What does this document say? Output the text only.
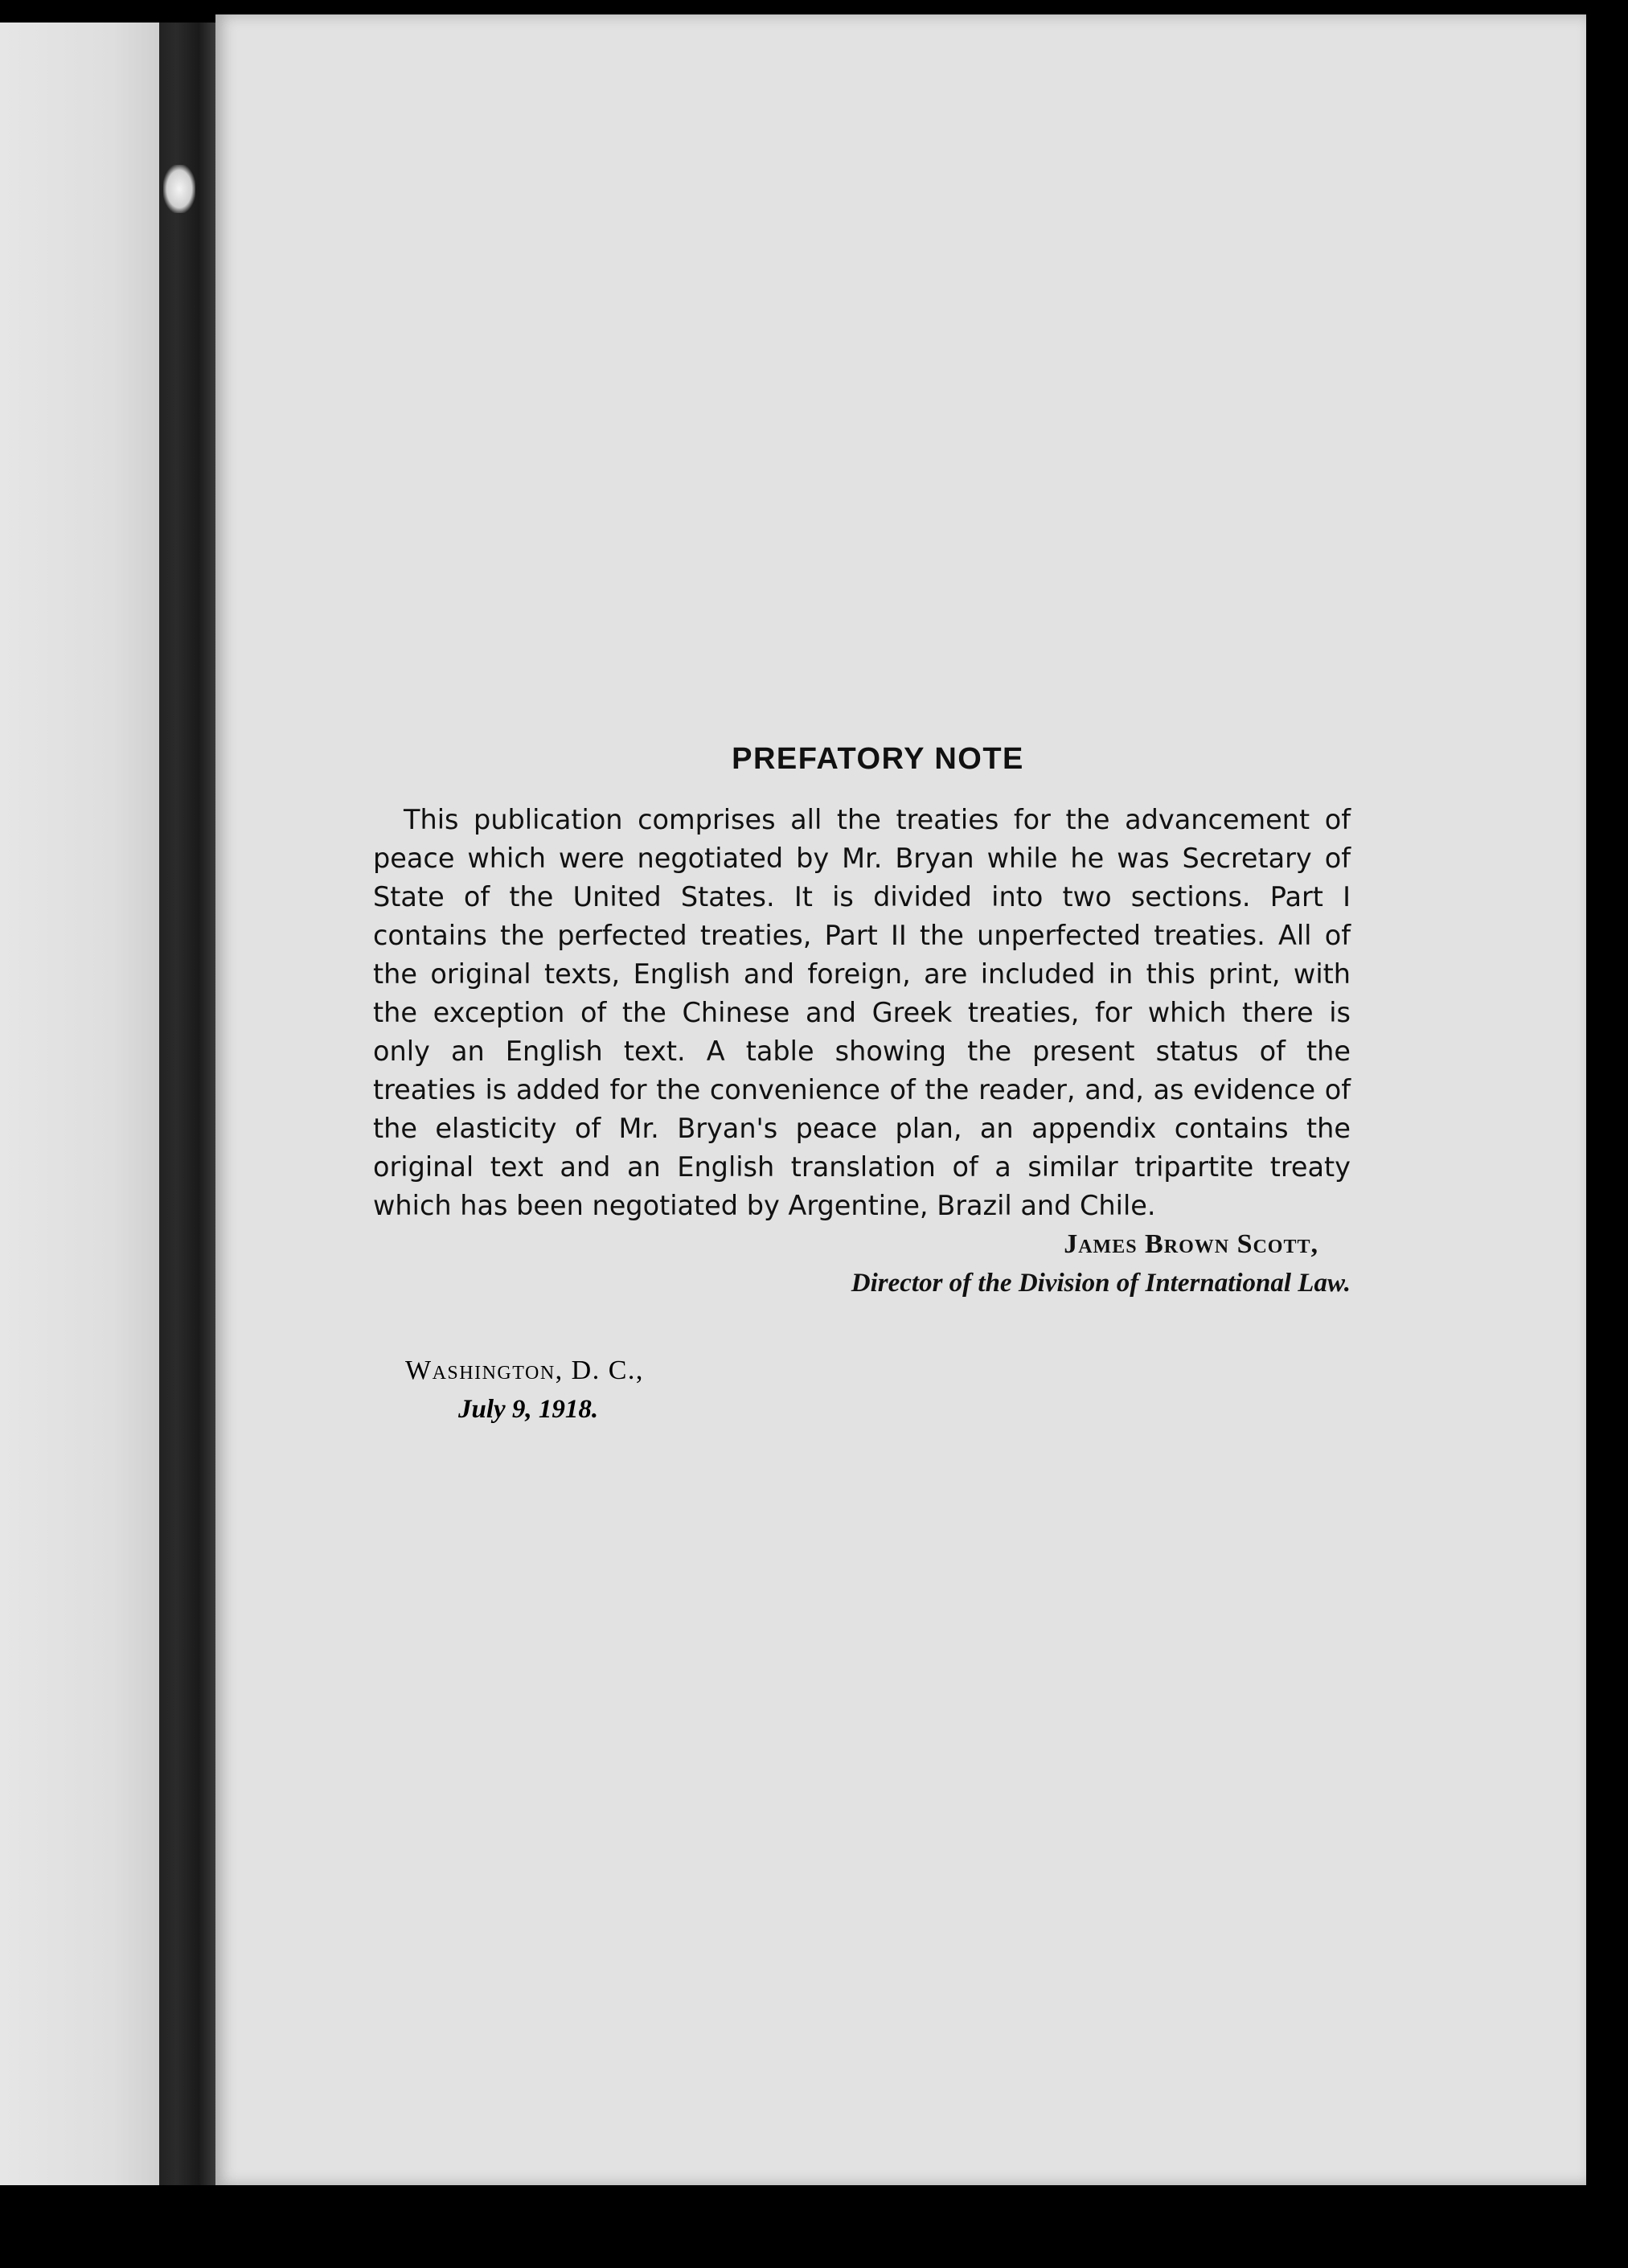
PREFATORY NOTE

This publication comprises all the treaties for the advancement of
peace which were negotiated by Mr. Bryan while he was Secretary of
State of the United States. It is divided into two sections. Part I
contains the perfected treaties, Part II the unperfected treaties. All of
the original texts, English and foreign, are included in this print, with
the exception of the Chinese and Greek treaties, for which there is
only an English text. A table showing the present status of the
treaties is added for the convenience of the reader, and, as evidence of
the elasticity of Mr. Bryan's peace plan, an appendix contains the
original text and an English translation of a similar tripartite treaty
which has been negotiated by Argentine, Brazil and Chile.

James Brown Scott,
Director of the Division of International Law.
Washington, D. C.,
July 9, 1918.
